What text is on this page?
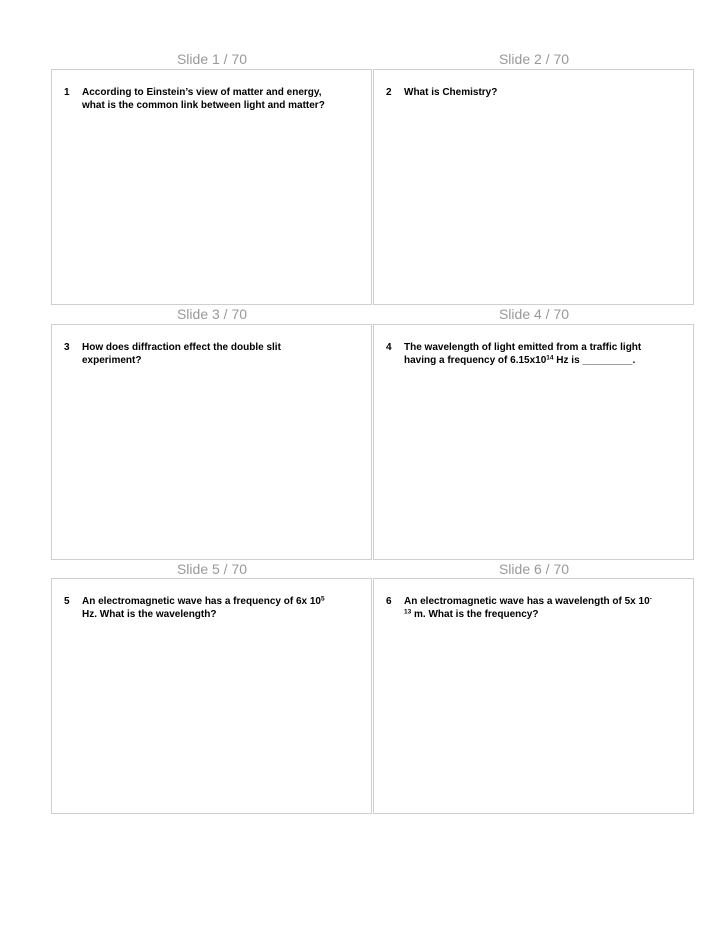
Slide 1 / 70
1 According to Einstein’s view of matter and energy, what is the common link between light and matter?
Slide 2 / 70
2 What is Chemistry?
Slide 3 / 70
3 How does diffraction effect the double slit experiment?
Slide 4 / 70
4 The wavelength of light emitted from a traffic light having a frequency of $6.15x10^{14}$ Hz is _________.
Slide 5 / 70
5 An electromagnetic wave has a frequency of 6x $10^5$ Hz. What is the wavelength?
Slide 6 / 70
6 An electromagnetic wave has a wavelength of 5x $10^{-13}$ m. What is the frequency?
